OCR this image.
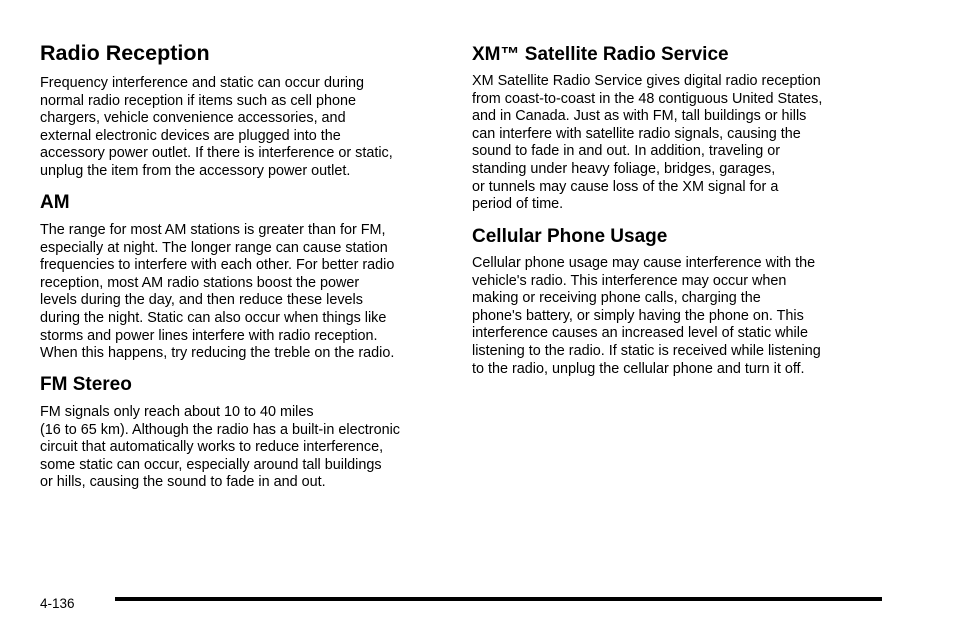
Radio Reception

Frequency interference and static can occur during
normal radio reception if items such as cell phone
chargers, vehicle convenience accessories, and
external electronic devices are plugged into the
accessory power outlet. If there is interference or static,
unplug the item from the accessory power outlet.

AM

The range for most AM stations is greater than for FM,
especially at night. The longer range can cause station
frequencies to interfere with each other. For better radio
reception, most AM radio stations boost the power
levels during the day, and then reduce these levels
during the night. Static can also occur when things like
storms and power lines interfere with radio reception.
When this happens, try reducing the treble on the radio.

FM Stereo

FM signals only reach about 10 to 40 miles
(16 to 65 km). Although the radio has a built-in electronic
circuit that automatically works to reduce interference,
some static can occur, especially around tall buildings
or hills, causing the sound to fade in and out.

XM™ Satellite Radio Service

XM Satellite Radio Service gives digital radio reception
from coast-to-coast in the 48 contiguous United States,
and in Canada. Just as with FM, tall buildings or hills
can interfere with satellite radio signals, causing the
sound to fade in and out. In addition, traveling or
standing under heavy foliage, bridges, garages,
or tunnels may cause loss of the XM signal for a
period of time.

Cellular Phone Usage

Cellular phone usage may cause interference with the
vehicle's radio. This interference may occur when
making or receiving phone calls, charging the
phone's battery, or simply having the phone on. This
interference causes an increased level of static while
listening to the radio. If static is received while listening
to the radio, unplug the cellular phone and turn it off.

4-136
